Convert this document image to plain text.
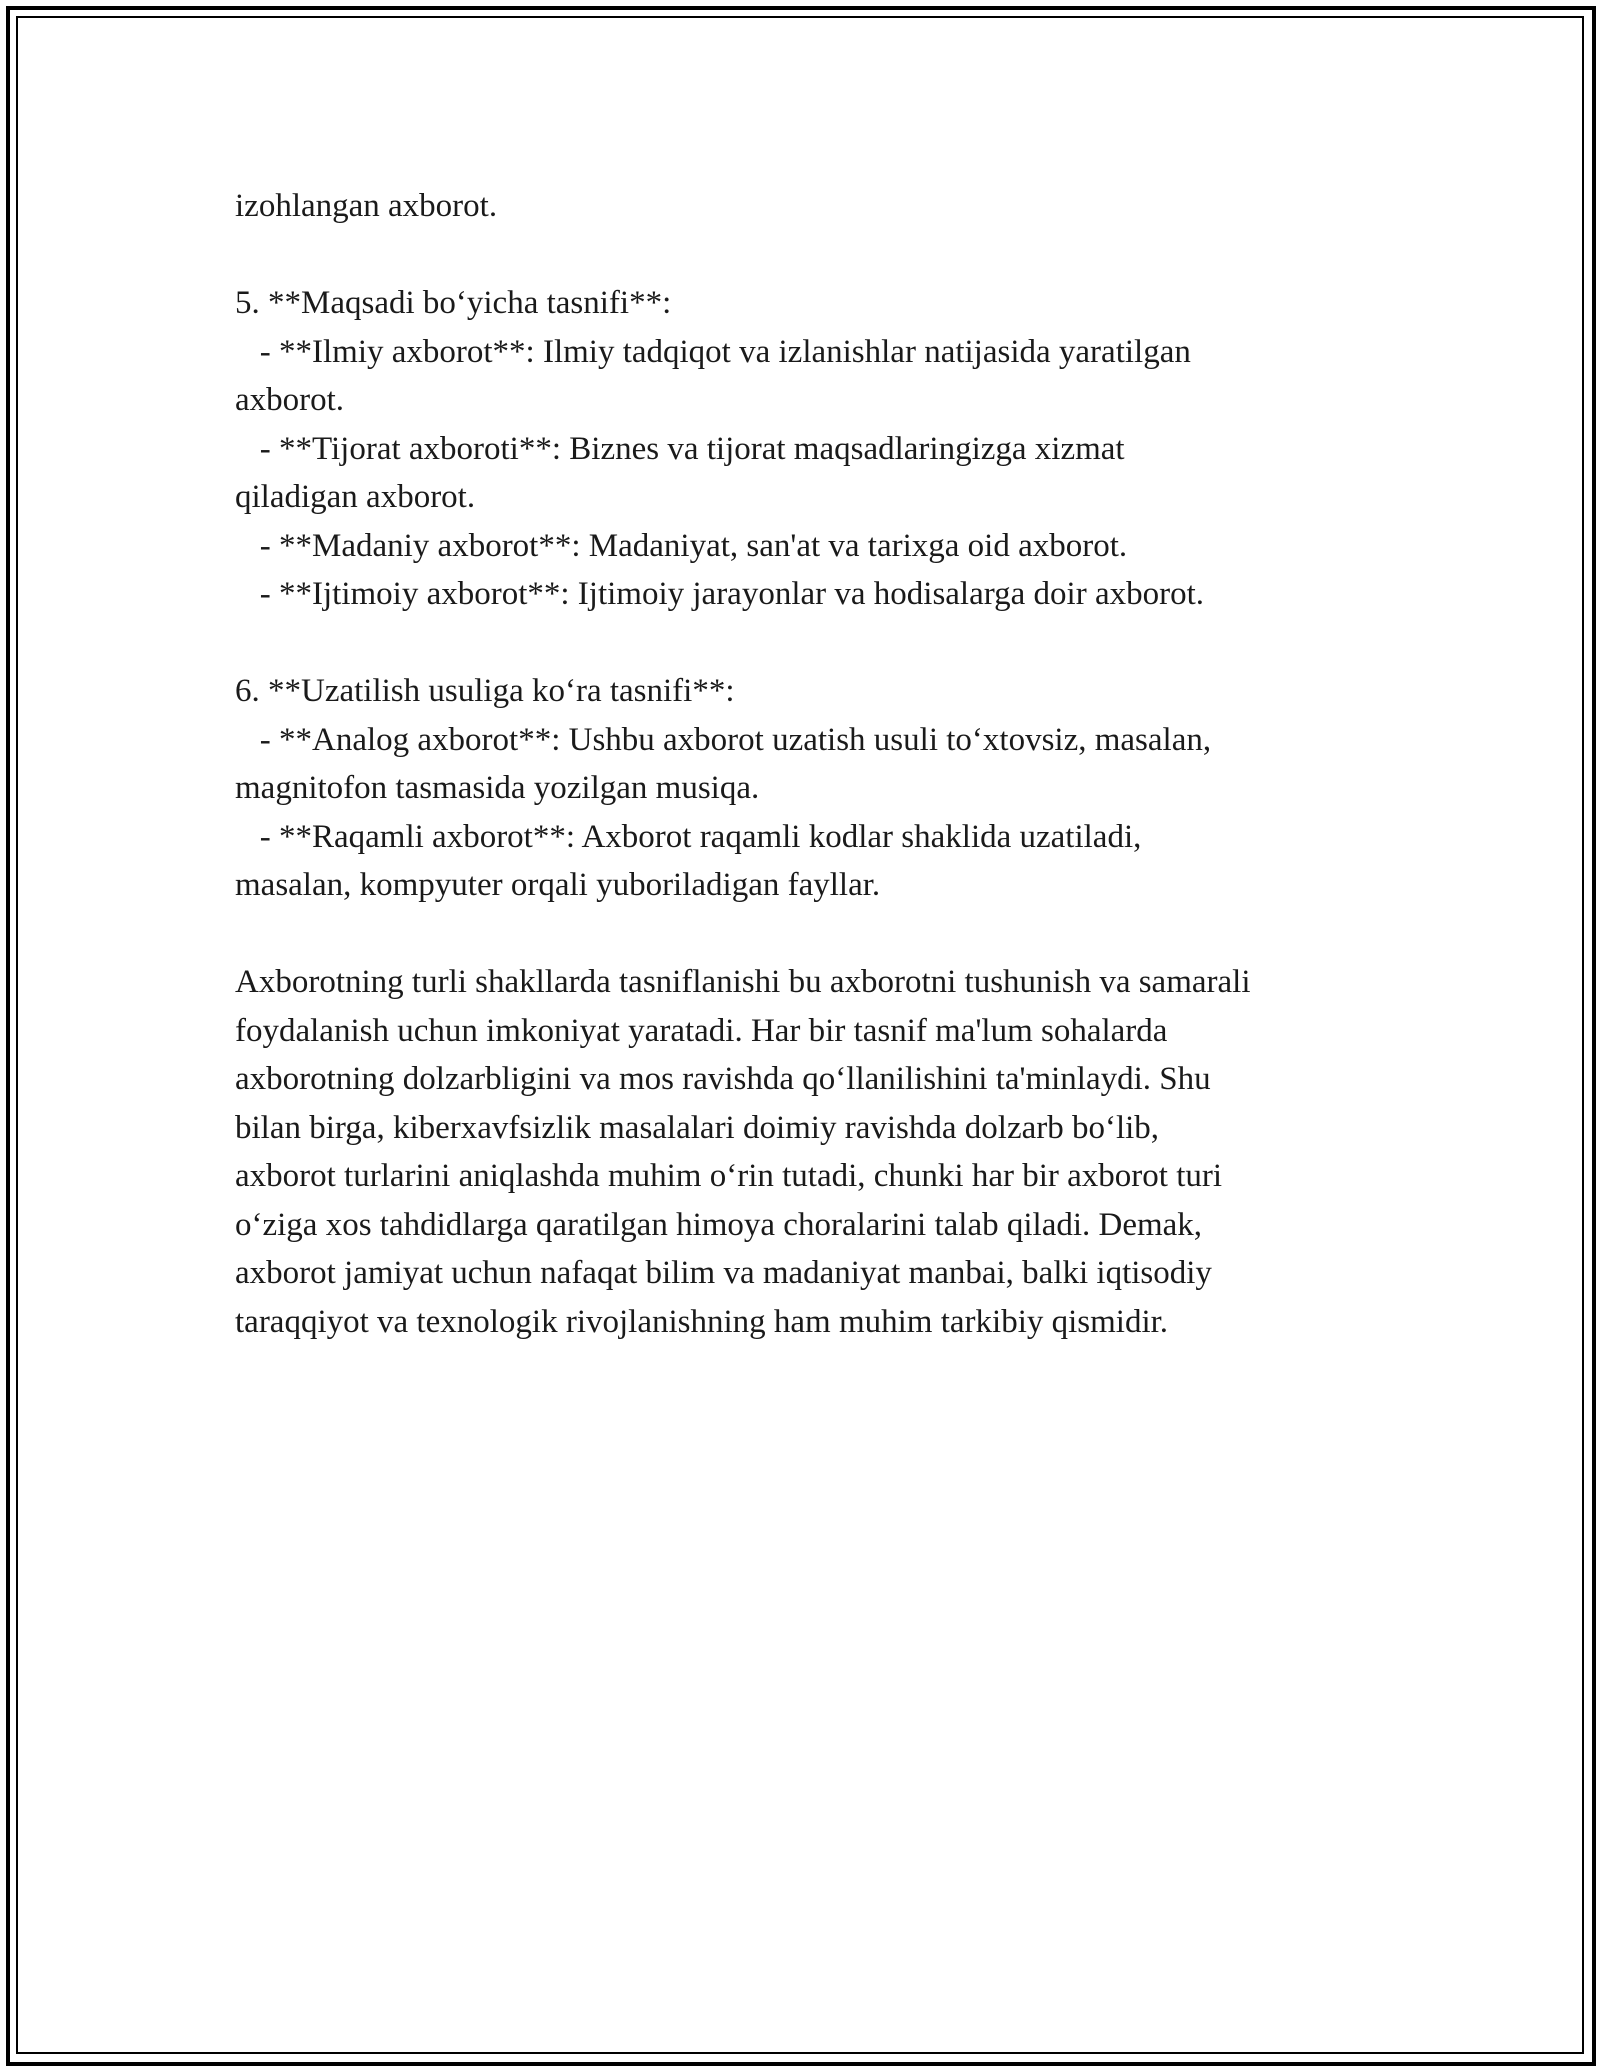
izohlangan axborot.
5. **Maqsadi bo‘yicha tasnifi**:
- **Ilmiy axborot**: Ilmiy tadqiqot va izlanishlar natijasida yaratilgan
axborot.
- **Tijorat axboroti**: Biznes va tijorat maqsadlaringizga xizmat
qiladigan axborot.
- **Madaniy axborot**: Madaniyat, san'at va tarixga oid axborot.
- **Ijtimoiy axborot**: Ijtimoiy jarayonlar va hodisalarga doir axborot.
6. **Uzatilish usuliga ko‘ra tasnifi**:
- **Analog axborot**: Ushbu axborot uzatish usuli to‘xtovsiz, masalan,
magnitofon tasmasida yozilgan musiqa.
- **Raqamli axborot**: Axborot raqamli kodlar shaklida uzatiladi,
masalan, kompyuter orqali yuboriladigan fayllar.
Axborotning turli shakllarda tasniflanishi bu axborotni tushunish va samarali
foydalanish uchun imkoniyat yaratadi. Har bir tasnif ma'lum sohalarda
axborotning dolzarbligini va mos ravishda qo‘llanilishini ta'minlaydi. Shu
bilan birga, kiberxavfsizlik masalalari doimiy ravishda dolzarb bo‘lib,
axborot turlarini aniqlashda muhim o‘rin tutadi, chunki har bir axborot turi
o‘ziga xos tahdidlarga qaratilgan himoya choralarini talab qiladi. Demak,
axborot jamiyat uchun nafaqat bilim va madaniyat manbai, balki iqtisodiy
taraqqiyot va texnologik rivojlanishning ham muhim tarkibiy qismidir.
